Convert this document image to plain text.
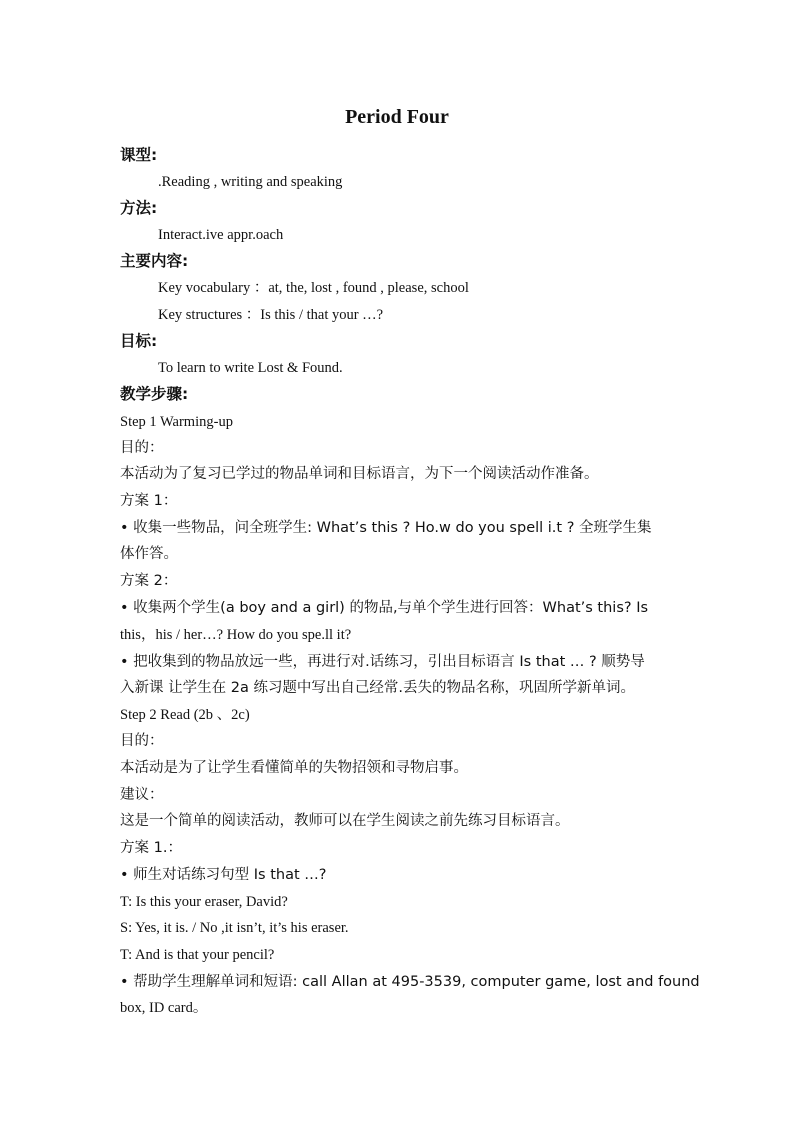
Period Four
课型:
.Reading , writing and speaking
方法:
Interact.ive appr.oach
主要内容:
Key vocabulary ：at, the, lost , found , please, school
Key structures ：Is this / that your …?
目标:
To learn to write Lost & Found.
教学步骤:
Step 1 Warming-up
目的：
本活动为了复习已学过的物品单词和目标语言，为下一个阅读活动作准备。
方案 1：
• 收集一些物品，问全班学生: What’s this ? Ho.w do you spell i.t ? 全班学生集
体作答。
方案 2：
• 收集两个学生(a boy and a girl) 的物品,与单个学生进行回答：What’s this? Is
this，his / her…? How do you spe.ll it?
• 把收集到的物品放远一些，再进行对.话练习，引出目标语言 Is that … ? 顺势导
入新课 让学生在 2a 练习题中写出自己经常.丢失的物品名称，巩固所学新单词。
Step 2 Read (2b 、2c)
目的：
本活动是为了让学生看懂简单的失物招领和寻物启事。
建议：
这是一个简单的阅读活动，教师可以在学生阅读之前先练习目标语言。
方案 1.：
• 师生对话练习句型 Is that …?
T: Is this your eraser, David?
S: Yes, it is. / No ,it isn’t, it’s his eraser.
T: And is that your pencil?
• 帮助学生理解单词和短语: call Allan at 495-3539, computer game, lost and found
box, ID card。
